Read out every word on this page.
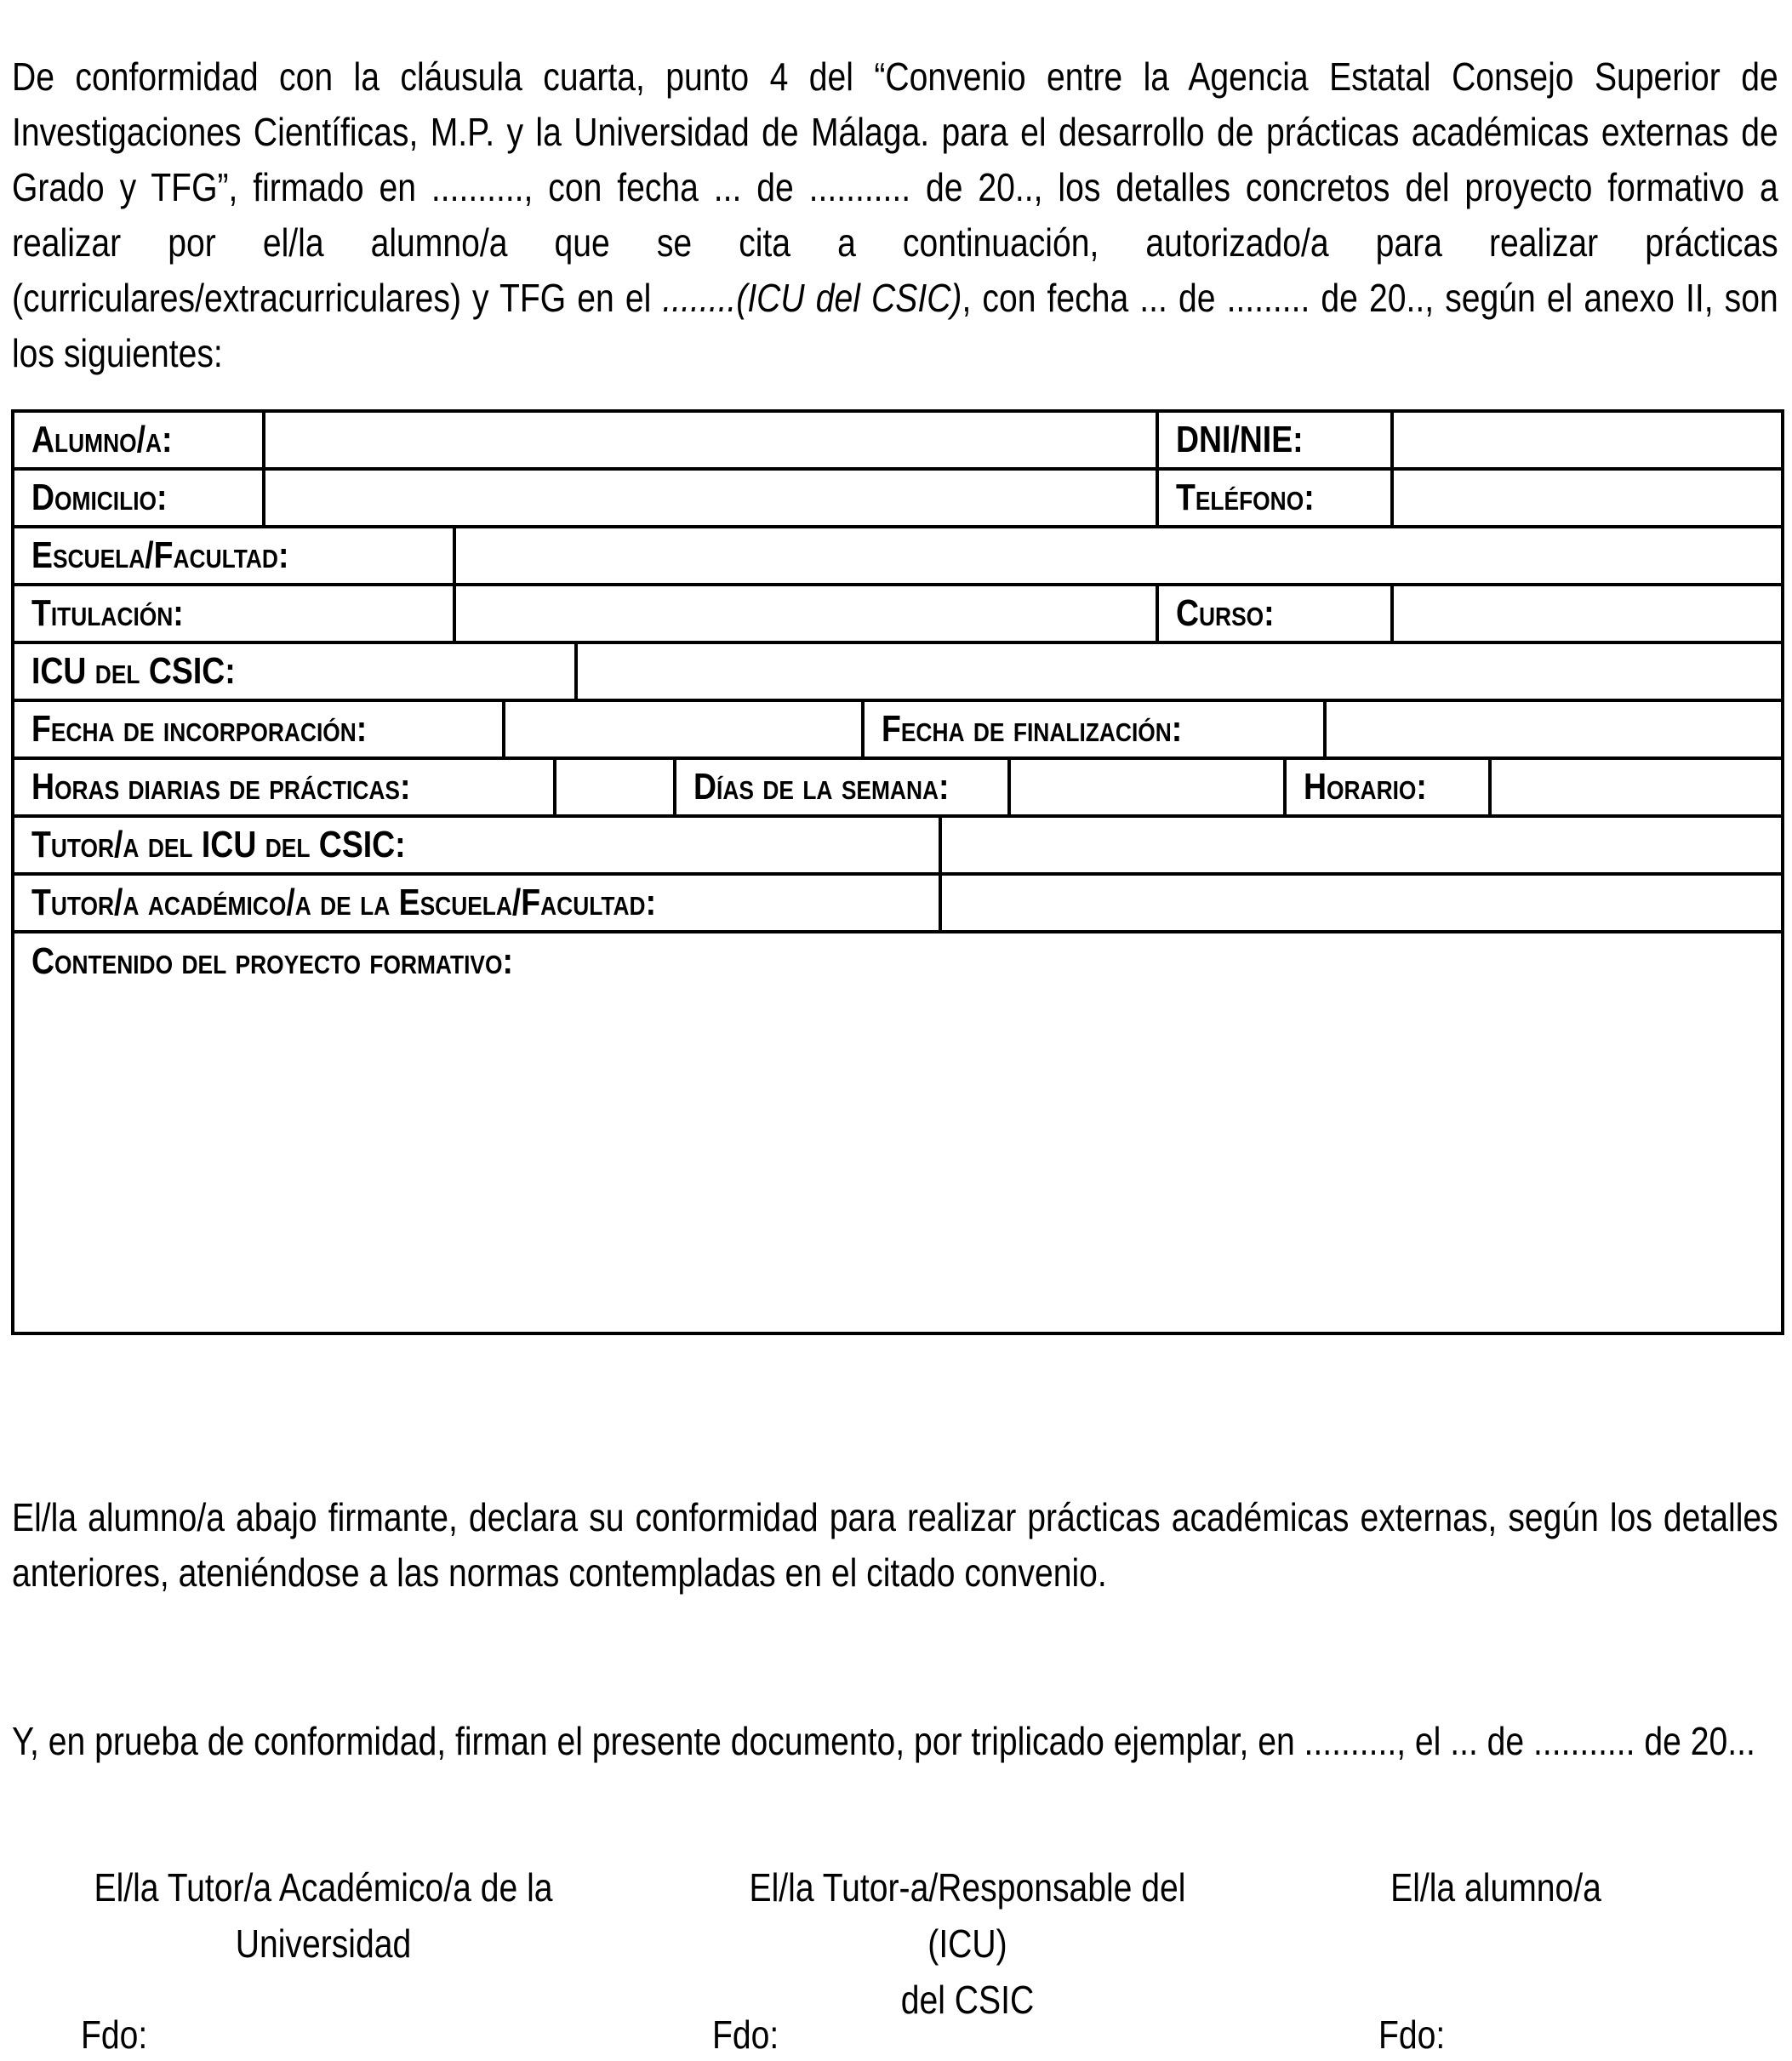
De conformidad con la cláusula cuarta, punto 4 del “Convenio entre la Agencia Estatal Consejo Superior de Investigaciones Científicas, M.P. y la Universidad de Málaga. para el desarrollo de prácticas académicas externas de Grado y TFG”, firmado en .........., con fecha ... de ........... de 20.., los detalles concretos del proyecto formativo a realizar por el/la alumno/a que se cita a continuación, autorizado/a para realizar prácticas (curriculares/extracurriculares) y TFG en el ........(ICU del CSIC), con fecha ... de ......... de 20.., según el anexo II, son los siguientes:

Alumno/a:	DNI/NIE:
Domicilio:	Teléfono:
Escuela/Facultad:
Titulación:	Curso:
ICU del CSIC:
Fecha de incorporación:	Fecha de finalización:
Horas diarias de prácticas:	Días de la semana:	Horario:
Tutor/a del ICU del CSIC:
Tutor/a académico/a de la Escuela/Facultad:
Contenido del proyecto formativo:

El/la alumno/a abajo firmante, declara su conformidad para realizar prácticas académicas externas, según los detalles anteriores, ateniéndose a las normas contempladas en el citado convenio.

Y, en prueba de conformidad, firman el presente documento, por triplicado ejemplar, en .........., el ... de ........... de 20...

El/la Tutor/a Académico/a de la
Universidad
El/la Tutor-a/Responsable del (ICU)
del CSIC
El/la alumno/a
Fdo:	Fdo:	Fdo:
